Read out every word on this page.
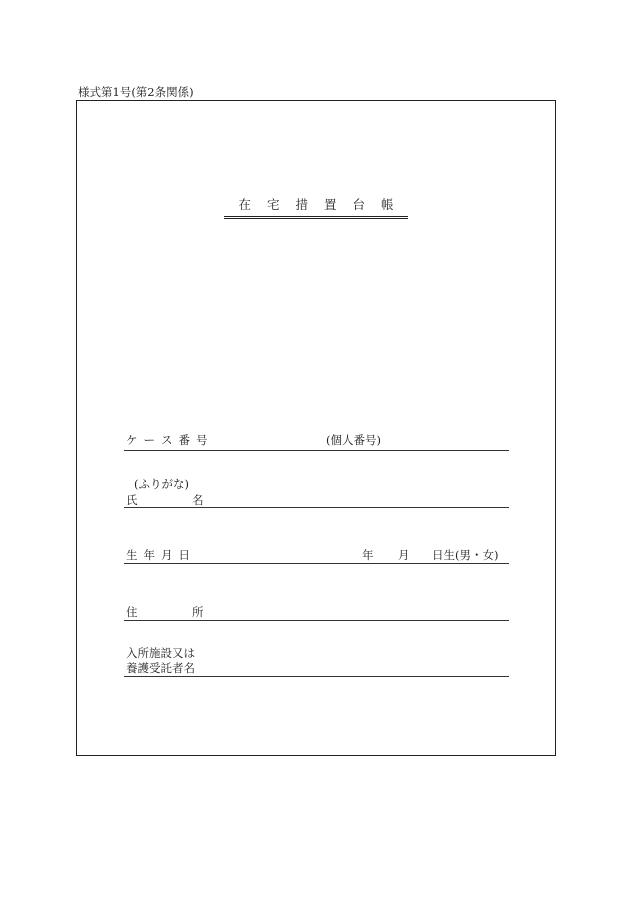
様式第1号(第2条関係)
在 宅 措 置 台 帳
ケ ー ス 番 号	(個人番号)
(ふりがな)
氏	名
生 年 月 日	年 月 日生(男・女)
住	所
入所施設又は
養護受託者名
